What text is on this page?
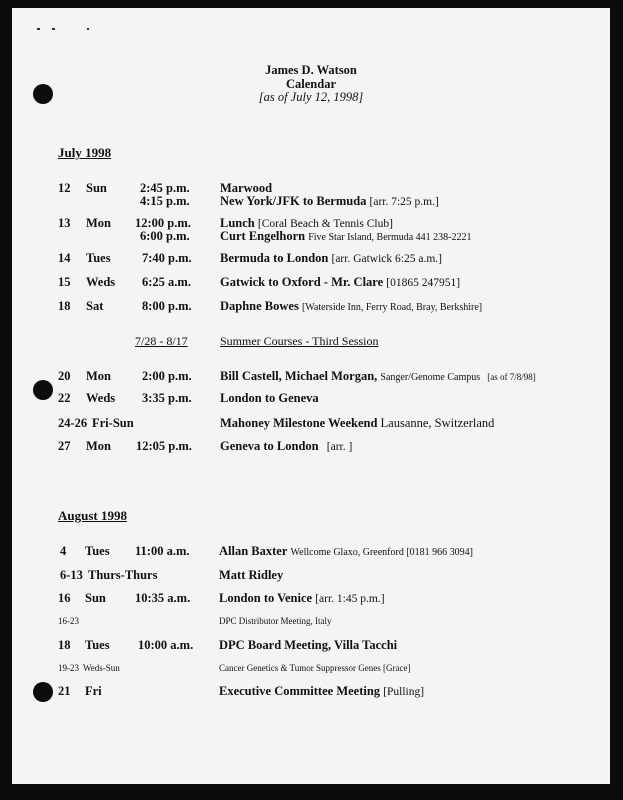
James D. Watson
Calendar
[as of July 12, 1998]
July 1998
12 Sun	2:45 p.m. Marwood
4:15 p.m. New York/JFK to Bermuda [arr. 7:25 p.m.]
13 Mon 12:00 p.m. Lunch [Coral Beach & Tennis Club]
6:00 p.m. Curt Engelhorn Five Star Island, Bermuda 441 238-2221
14 Tues	7:40 p.m. Bermuda to London [arr. Gatwick 6:25 a.m.]
15 Weds 6:25 a.m. Gatwick to Oxford - Mr. Clare [01865 247951]
18 Sat	8:00 p.m. Daphne Bowes [Waterside Inn, Ferry Road, Bray, Berkshire]
7/28 - 8/17	Summer Courses - Third Session
20 Mon 2:00 p.m. Bill Castell, Michael Morgan, Sanger/Genome Campus [as of 7/8/98]
22 Weds 3:35 p.m. London to Geneva
24-26 Fri-Sun	Mahoney Milestone Weekend Lausanne, Switzerland
27 Mon 12:05 p.m. Geneva to London [arr. ]
August 1998
4 Tues 11:00 a.m. Allan Baxter Wellcome Glaxo, Greenford [0181 966 3094]
6-13 Thurs-Thurs	Matt Ridley
16 Sun 10:35 a.m. London to Venice [arr. 1:45 p.m.]
16-23	DPC Distributor Meeting, Italy
18 Tues 10:00 a.m. DPC Board Meeting, Villa Tacchi
19-23 Weds-Sun	Cancer Genetics & Tumor Suppressor Genes [Grace]
21 Fri	Executive Committee Meeting [Pulling]
